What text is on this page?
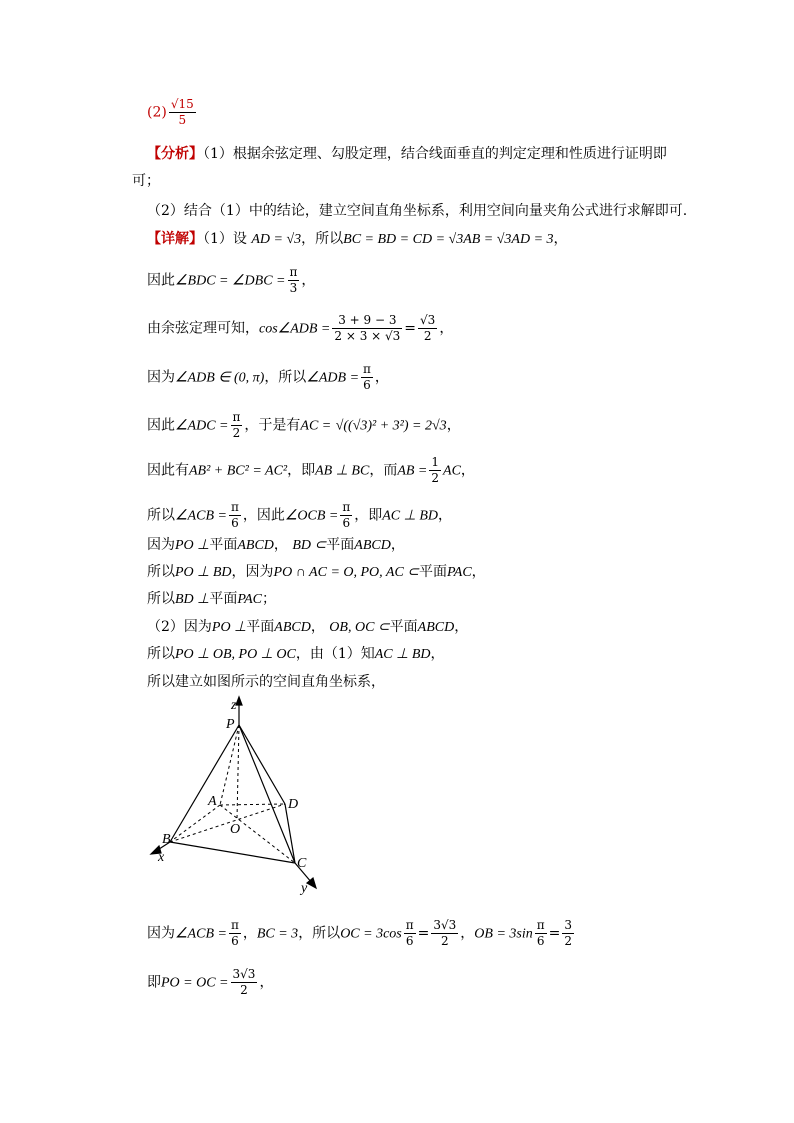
$(2) \frac{√15}{5}$
【分析】（1）根据余弦定理、勾股定理，结合线面垂直的判定定理和性质进行证明即
可；
（2）结合（1）中的结论，建立空间直角坐标系，利用空间向量夹角公式进行求解即可.
【详解】（1）设 AD = √3，所以BC = BD = CD = √3AB = √3AD = 3，
因此∠BDC = ∠DBC = $\frac{\pi}{3}$ ，
由余弦定理可知，cos∠ADB = $\frac{3 + 9 - 3}{2 \times 3 \times √3} = \frac{√3}{2}$ ，
因为∠ADB ∈ (0, π)，所以∠ADB = $\frac{\pi}{6}$ ，
因此∠ADC = $\frac{\pi}{2}$ ，于是有AC = √((√3)² + 3²) = 2√3，
因此有AB² + BC² = AC²，即AB ⊥ BC，而AB = $\frac{1}{2}$ AC，
所以∠ACB = $\frac{\pi}{6}$ ，因此∠OCB = $\frac{\pi}{6}$ ，即AC ⊥ BD，
因为PO ⊥平面ABCD， BD ⊂平面ABCD，
所以PO ⊥ BD，因为PO ∩ AC = O, PO, AC ⊂平面PAC，
所以BD ⊥平面PAC；
（2）因为PO ⊥平面ABCD， OB, OC ⊂平面ABCD，
所以PO ⊥ OB, PO ⊥ OC，由（1）知AC ⊥ BD，
所以建立如图所示的空间直角坐标系，
P
z
A	D
O
B
C
x
y
因为∠ACB = $\frac{\pi}{6}$ ，BC = 3，所以OC = $3\cos \frac{\pi}{6} = \frac{3√3}{2}$ ，OB = $3\sin \frac{\pi}{6} = \frac{3}{2}$
即PO = OC = $\frac{3√3}{2}$ ，
